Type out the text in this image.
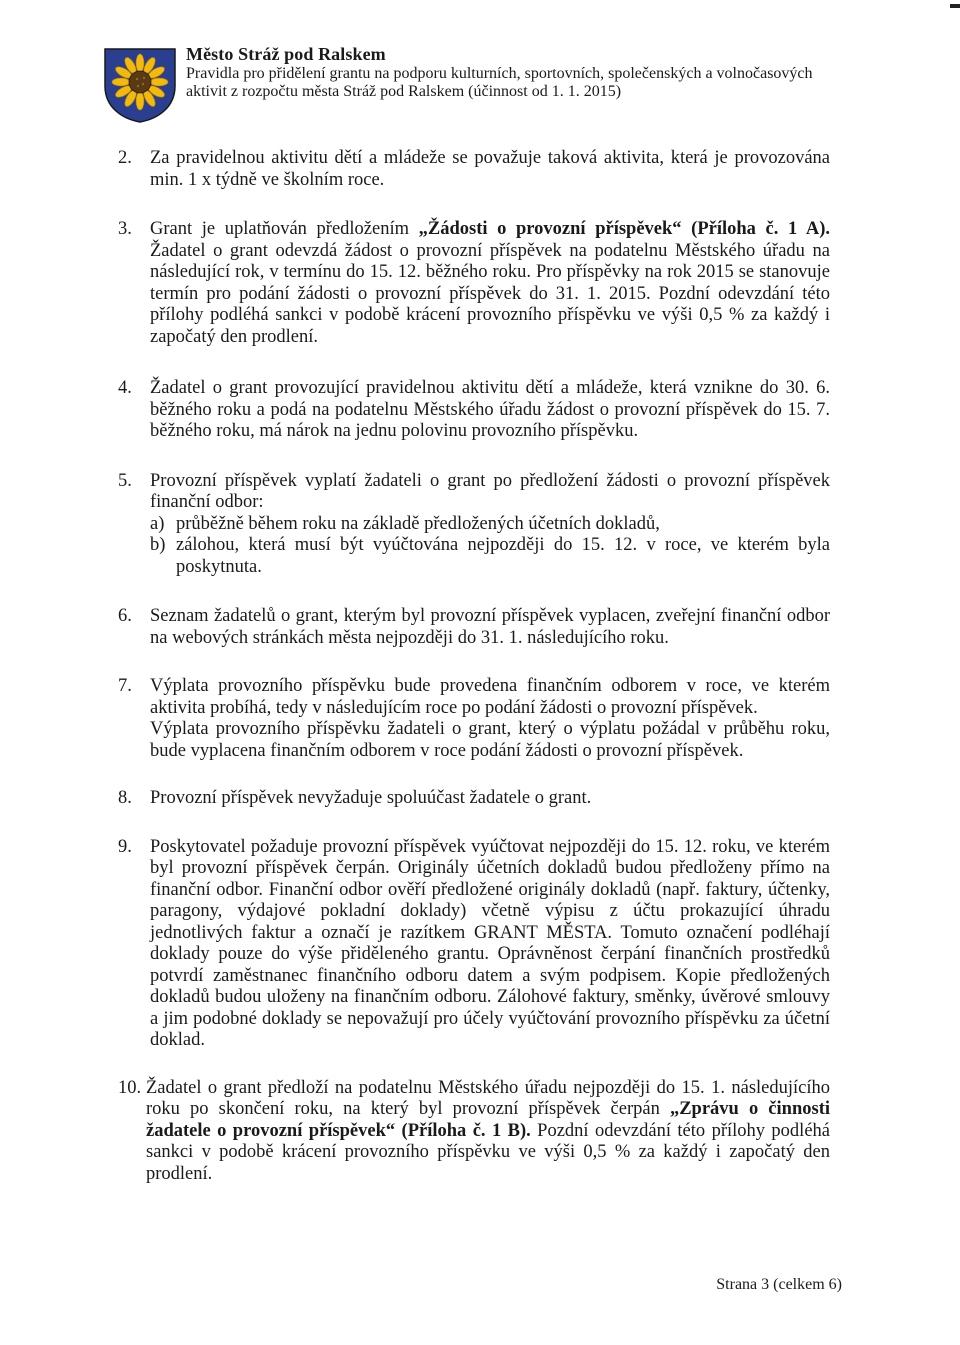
Město Stráž pod Ralskem
Pravidla pro přidělení grantu na podporu kulturních, sportovních, společenských a volnočasových
aktivit z rozpočtu města Stráž pod Ralskem (účinnost od 1. 1. 2015)
2. Za pravidelnou aktivitu dětí a mládeže se považuje taková aktivita, která je provozována min. 1 x týdně ve školním roce.

3. Grant je uplatňován předložením „Žádosti o provozní příspěvek“ (Příloha č. 1 A). Žadatel o grant odevzdá žádost o provozní příspěvek na podatelnu Městského úřadu na následující rok, v termínu do 15. 12. běžného roku. Pro příspěvky na rok 2015 se stanovuje termín pro podání žádosti o provozní příspěvek do 31. 1. 2015. Pozdní odevzdání této přílohy podléhá sankci v podobě krácení provozního příspěvku ve výši 0,5 % za každý i započatý den prodlení.

4. Žadatel o grant provozující pravidelnou aktivitu dětí a mládeže, která vznikne do 30. 6. běžného roku a podá na podatelnu Městského úřadu žádost o provozní příspěvek do 15. 7. běžného roku, má nárok na jednu polovinu provozního příspěvku.

5. Provozní příspěvek vyplatí žadateli o grant po předložení žádosti o provozní příspěvek finanční odbor:

a) průběžně během roku na základě předložených účetních dokladů,
b) zálohou, která musí být vyúčtována nejpozději do 15. 12. v roce, ve kterém byla poskytnuta.
6. Seznam žadatelů o grant, kterým byl provozní příspěvek vyplacen, zveřejní finanční odbor na webových stránkách města nejpozději do 31. 1. následujícího roku.

7. Výplata provozního příspěvku bude provedena finančním odborem v roce, ve kterém aktivita probíhá, tedy v následujícím roce po podání žádosti o provozní příspěvek.

Výplata provozního příspěvku žadateli o grant, který o výplatu požádal v průběhu roku, bude vyplacena finančním odborem v roce podání žádosti o provozní příspěvek.

8. Provozní příspěvek nevyžaduje spoluúčast žadatele o grant.

9. Poskytovatel požaduje provozní příspěvek vyúčtovat nejpozději do 15. 12. roku, ve kterém byl provozní příspěvek čerpán. Originály účetních dokladů budou předloženy přímo na finanční odbor. Finanční odbor ověří předložené originály dokladů (např. faktury, účtenky, paragony, výdajové pokladní doklady) včetně výpisu z účtu prokazující úhradu jednotlivých faktur a označí je razítkem GRANT MĚSTA. Tomuto označení podléhají doklady pouze do výše přiděleného grantu. Oprávněnost čerpání finančních prostředků potvrdí zaměstnanec finančního odboru datem a svým podpisem. Kopie předložených dokladů budou uloženy na finančním odboru. Zálohové faktury, směnky, úvěrové smlouvy a jim podobné doklady se nepovažují pro účely vyúčtování provozního příspěvku za účetní doklad.

10. Žadatel o grant předloží na podatelnu Městského úřadu nejpozději do 15. 1. následujícího roku po skončení roku, na který byl provozní příspěvek čerpán „Zprávu o činnosti žadatele o provozní příspěvek“ (Příloha č. 1 B). Pozdní odevzdání této přílohy podléhá sankci v podobě krácení provozního příspěvku ve výši 0,5 % za každý i započatý den prodlení.

Strana 3 (celkem 6)
